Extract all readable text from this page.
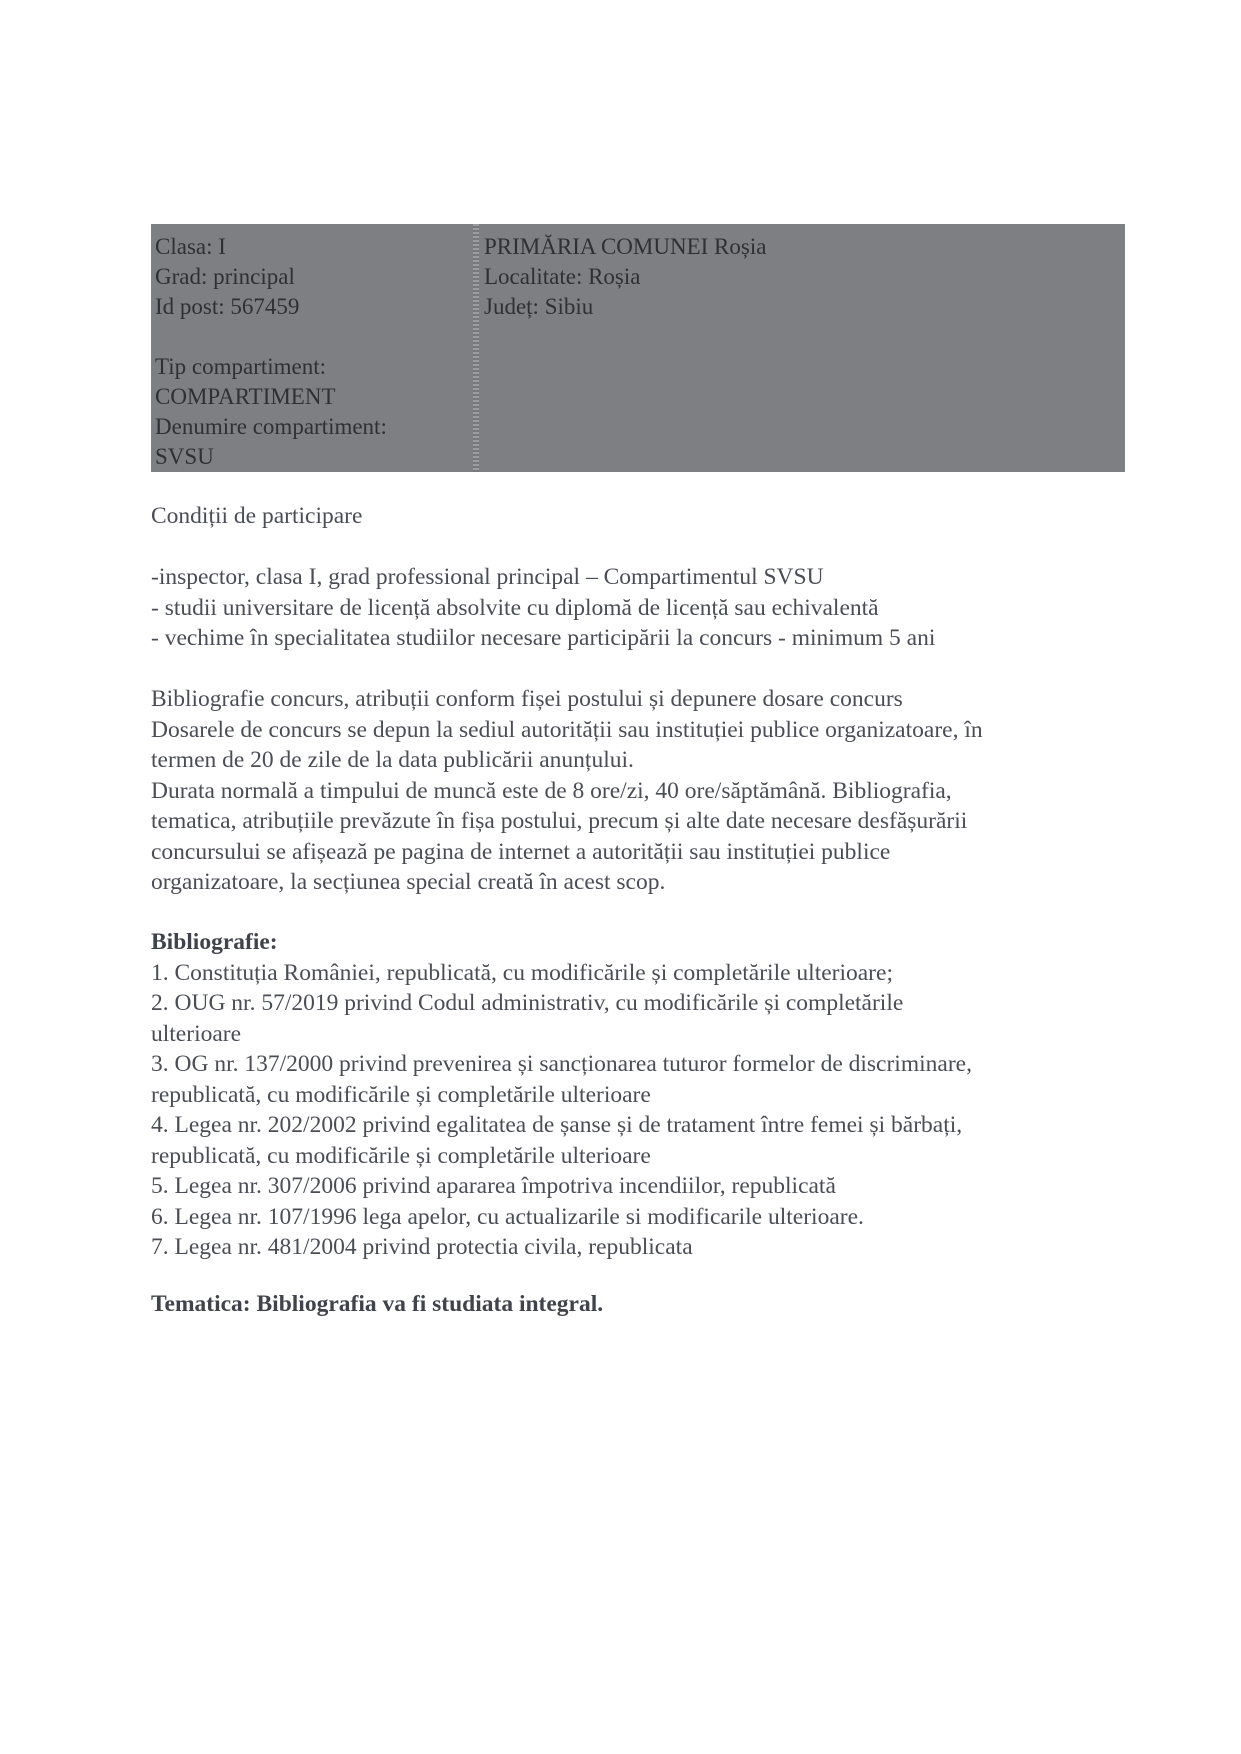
Clasa: I
Grad: principal
Id post: 567459
Tip compartiment:
COMPARTIMENT
Denumire compartiment:
SVSU
PRIMĂRIA COMUNEI Roșia
Localitate: Roșia
Județ: Sibiu
Condiții de participare
-inspector, clasa I, grad professional principal – Compartimentul SVSU
- studii universitare de licență absolvite cu diplomă de licență sau echivalentă
- vechime în specialitatea studiilor necesare participării la concurs - minimum 5 ani
Bibliografie concurs, atribuții conform fișei postului și depunere dosare concurs
Dosarele de concurs se depun la sediul autorității sau instituției publice organizatoare, în
termen de 20 de zile de la data publicării anunțului.
Durata normală a timpului de muncă este de 8 ore/zi, 40 ore/săptămână. Bibliografia,
tematica, atribuțiile prevăzute în fișa postului, precum și alte date necesare desfășurării
concursului se afișează pe pagina de internet a autorității sau instituției publice
organizatoare, la secțiunea special creată în acest scop.
Bibliografie:
1. Constituția României, republicată, cu modificările și completările ulterioare;
2. OUG nr. 57/2019 privind Codul administrativ, cu modificările și completările
ulterioare
3. OG nr. 137/2000 privind prevenirea și sancționarea tuturor formelor de discriminare,
republicată, cu modificările și completările ulterioare
4. Legea nr. 202/2002 privind egalitatea de șanse și de tratament între femei și bărbați,
republicată, cu modificările și completările ulterioare
5. Legea nr. 307/2006 privind apararea împotriva incendiilor, republicată
6. Legea nr. 107/1996 lega apelor, cu actualizarile si modificarile ulterioare.
7. Legea nr. 481/2004 privind protectia civila, republicata
Tematica: Bibliografia va fi studiata integral.
